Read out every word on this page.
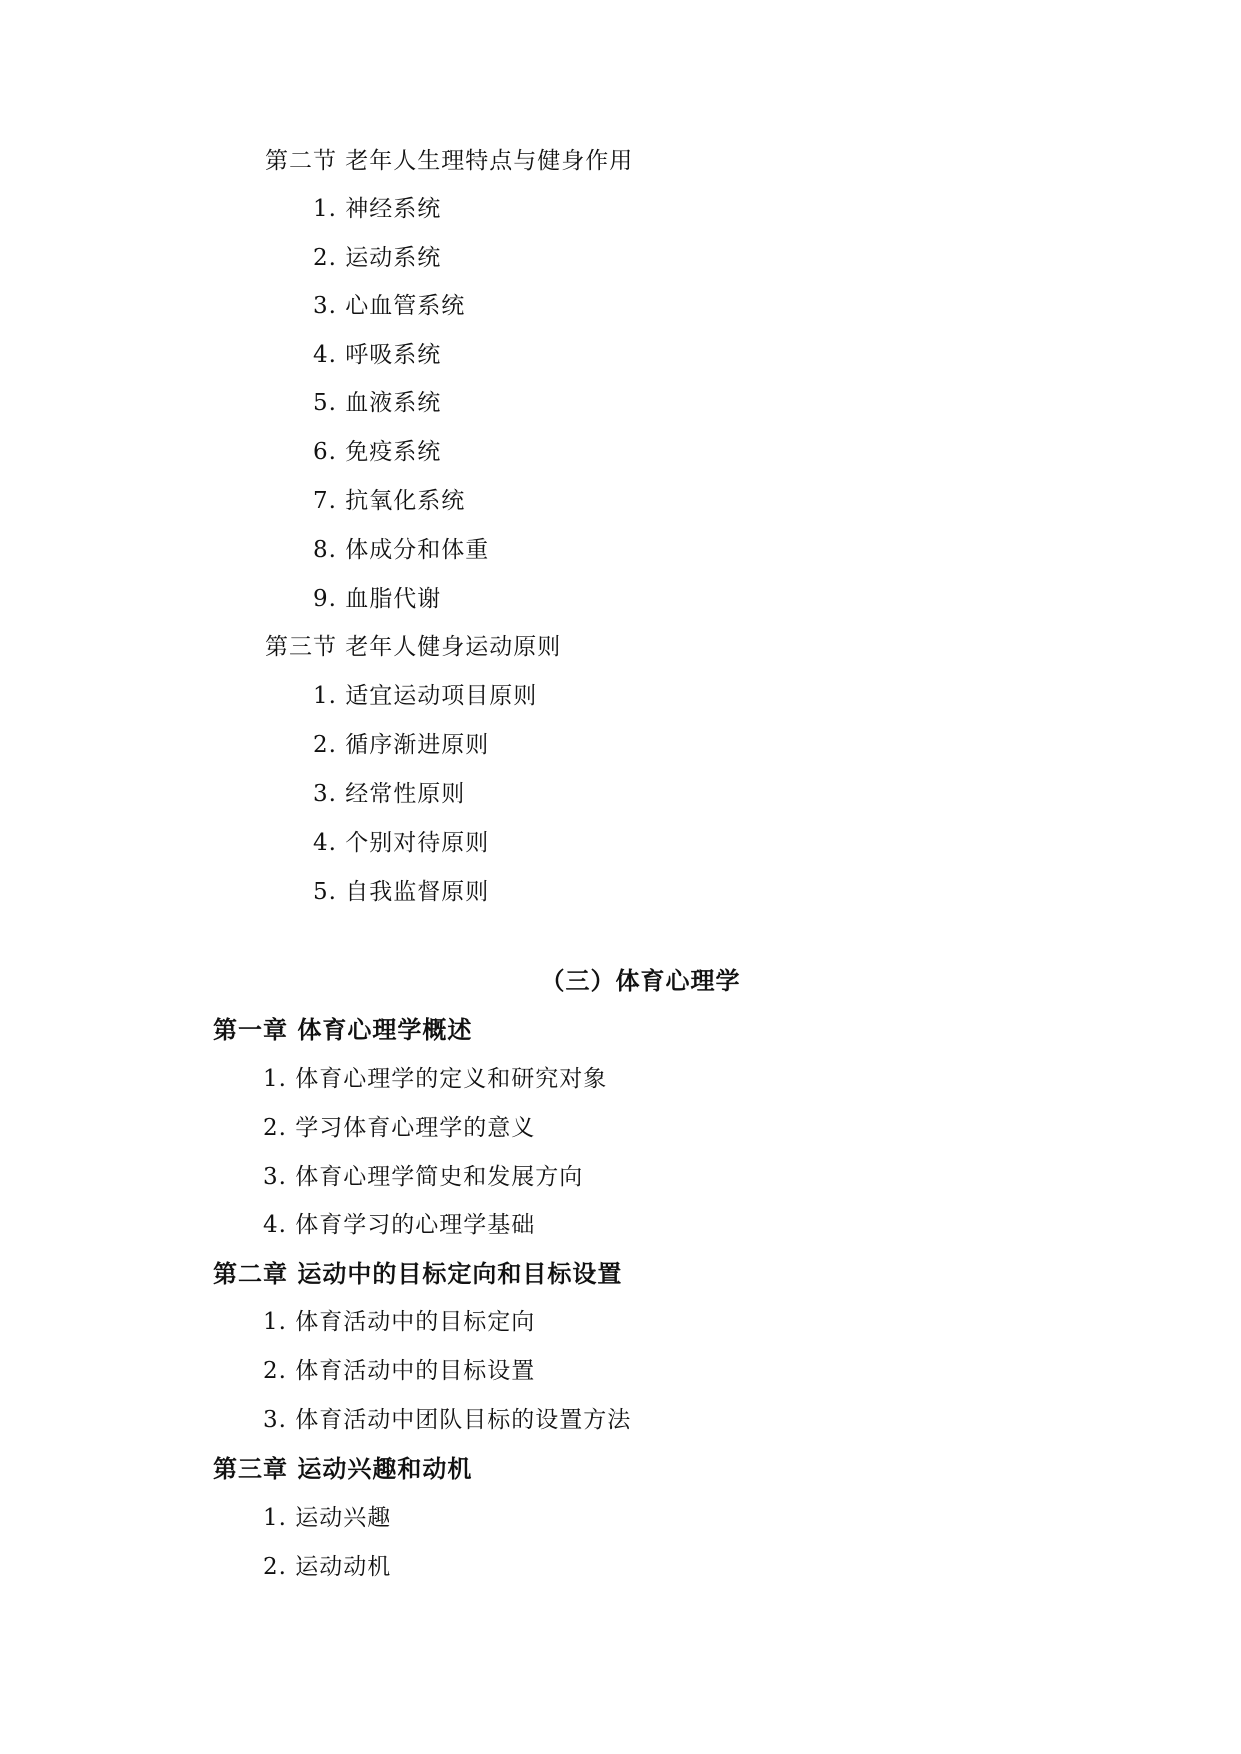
第二节 老年人生理特点与健身作用
1. 神经系统
2. 运动系统
3. 心血管系统
4. 呼吸系统
5. 血液系统
6. 免疫系统
7. 抗氧化系统
8. 体成分和体重
9. 血脂代谢
第三节 老年人健身运动原则
1. 适宜运动项目原则
2. 循序渐进原则
3. 经常性原则
4. 个别对待原则
5. 自我监督原则
（三）体育心理学
第一章 体育心理学概述
1. 体育心理学的定义和研究对象
2. 学习体育心理学的意义
3. 体育心理学简史和发展方向
4. 体育学习的心理学基础
第二章 运动中的目标定向和目标设置
1. 体育活动中的目标定向
2. 体育活动中的目标设置
3. 体育活动中团队目标的设置方法
第三章 运动兴趣和动机
1. 运动兴趣
2. 运动动机
